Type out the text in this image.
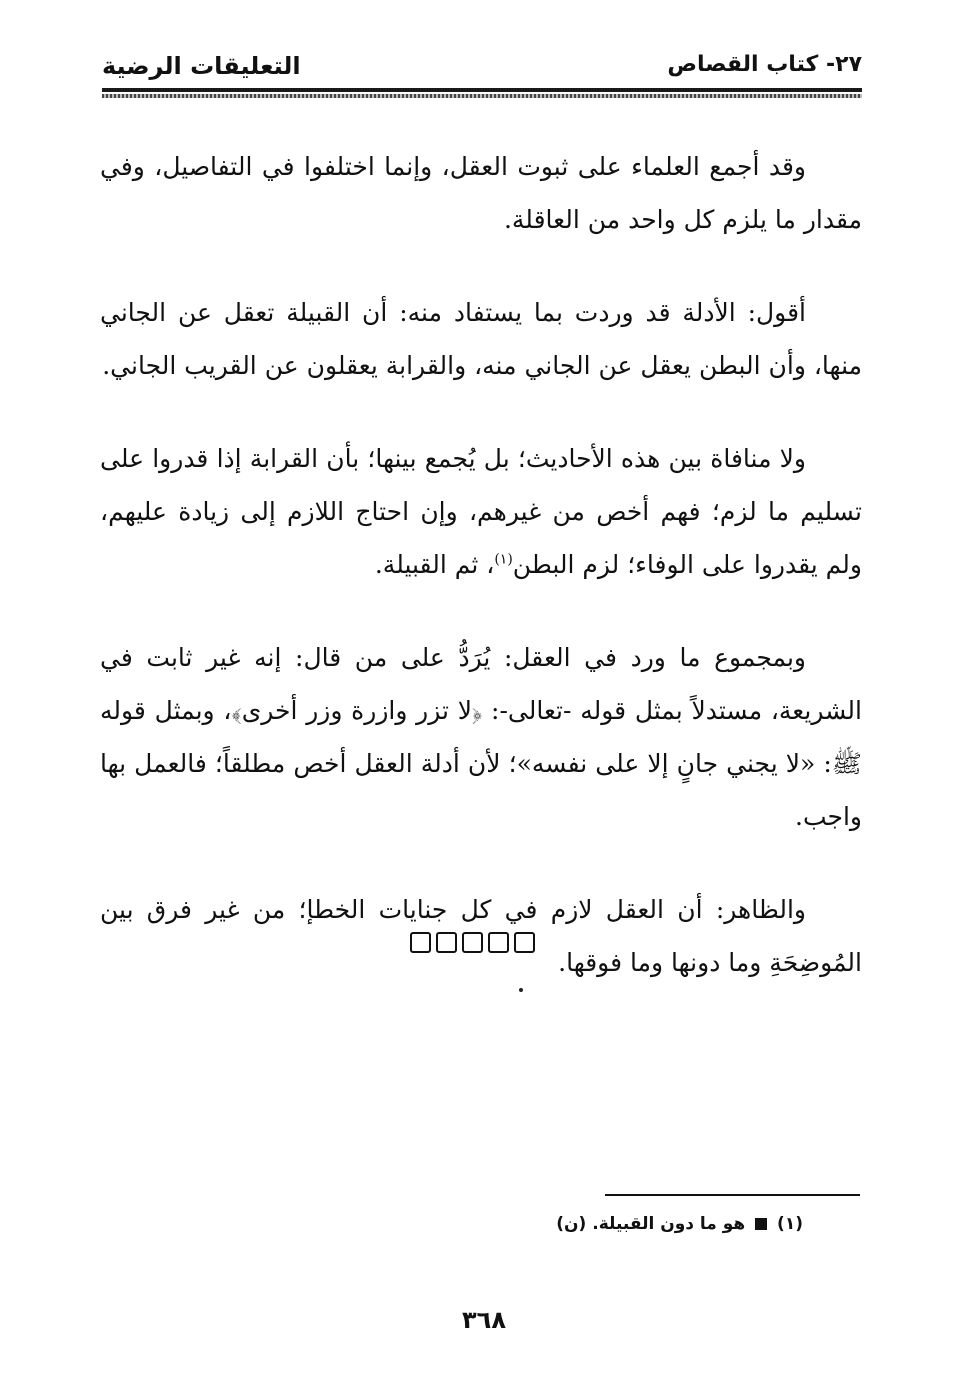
٢٧- كتاب القصاص
التعليقات الرضية

وقد أجمع العلماء على ثبوت العقل، وإنما اختلفوا في التفاصيل، وفي مقدار ما يلزم كل واحد من العاقلة.

أقول: الأدلة قد وردت بما يستفاد منه: أن القبيلة تعقل عن الجاني منها، وأن البطن يعقل عن الجاني منه، والقرابة يعقلون عن القريب الجاني.

ولا منافاة بين هذه الأحاديث؛ بل يُجمع بينها؛ بأن القرابة إذا قدروا على تسليم ما لزم؛ فهم أخص من غيرهم، وإن احتاج اللازم إلى زيادة عليهم، ولم يقدروا على الوفاء؛ لزم البطن$^{(١)}$، ثم القبيلة.

وبمجموع ما ورد في العقل: يُرَدُّ على من قال: إنه غير ثابت في الشريعة، مستدلاً بمثل قوله -تعالى-: ﴿لا تزر وازرة وزر أخرى﴾، وبمثل قوله ﷺ: «لا يجني جانٍ إلا على نفسه»؛ لأن أدلة العقل أخص مطلقاً؛ فالعمل بها واجب.

والظاهر: أن العقل لازم في كل جنايات الخطإ؛ من غير فرق بين المُوضِحَةِ وما دونها وما فوقها.

(١)  هو ما دون القبيلة. (ن)
٣٦٨
